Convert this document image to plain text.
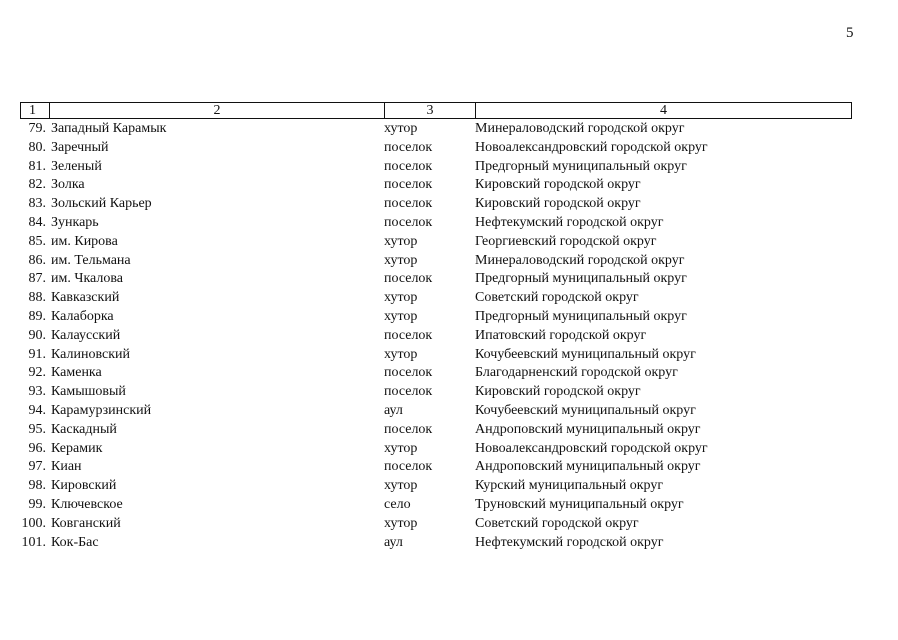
5
1	2	3	4
79. Западный Карамык	хутор	Минераловодский городской округ
80. Заречный	поселок	Новоалександровский городской округ
81. Зеленый	поселок	Предгорный муниципальный округ
82. Золка	поселок	Кировский городской округ
83. Зольский Карьер	поселок	Кировский городской округ
84. Зункарь	поселок	Нефтекумский городской округ
85. им. Кирова	хутор	Георгиевский городской округ
86. им. Тельмана	хутор	Минераловодский городской округ
87. им. Чкалова	поселок	Предгорный муниципальный округ
88. Кавказский	хутор	Советский городской округ
89. Калаборка	хутор	Предгорный муниципальный округ
90. Калаусский	поселок	Ипатовский городской округ
91. Калиновский	хутор	Кочубеевский муниципальный округ
92. Каменка	поселок	Благодарненский городской округ
93. Камышовый	поселок	Кировский городской округ
94. Карамурзинский	аул	Кочубеевский муниципальный округ
95. Каскадный	поселок	Андроповский муниципальный округ
96. Керамик	хутор	Новоалександровский городской округ
97. Киан	поселок	Андроповский муниципальный округ
98. Кировский	хутор	Курский муниципальный округ
99. Ключевское	село	Труновский муниципальный округ
100. Ковганский	хутор	Советский городской округ
101. Кок-Бас	аул	Нефтекумский городской округ
